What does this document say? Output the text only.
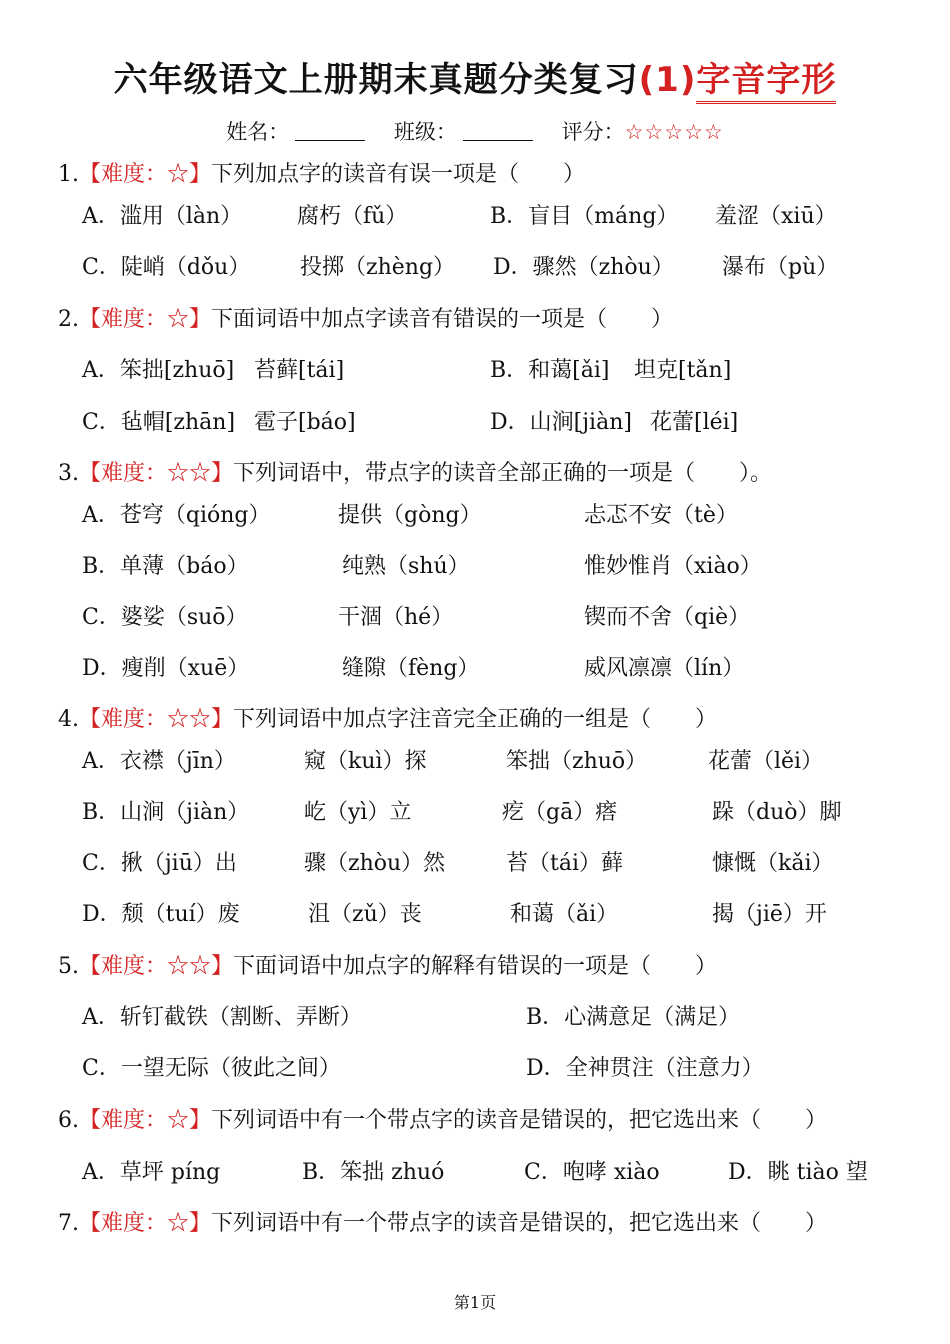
六年级语文上册期末真题分类复习(1)字音字形
姓名：	班级：	评分：☆☆☆☆☆
1.【难度：☆】下列加点字的读音有误一项是（　　）
A．滥用（làn） 腐朽（fǔ）	B．盲目（máng） 羞涩（xiū）
C．陡峭（dǒu） 投掷（zhèng） D．骤然（zhòu） 瀑布（pù）
2.【难度：☆】下面词语中加点字读音有错误的一项是（　　）
A．笨拙[zhuō] 苔藓[tái]	B．和蔼[ǎi] 坦克[tǎn]
C．毡帽[zhān] 雹子[báo]	D．山涧[jiàn] 花蕾[léi]
3.【难度：☆☆】下列词语中，带点字的读音全部正确的一项是（　　）。
A．苍穹（qióng）	提供（gòng）	忐忑不安（tè）
B．单薄（báo）	纯熟（shú）	惟妙惟肖（xiào）
C．婆娑（suō）	干涸（hé）	锲而不舍（qiè）
D．瘦削（xuē）	缝隙（fèng）	威风凛凛（lín）
4.【难度：☆☆】下列词语中加点字注音完全正确的一组是（　　）
A．衣襟（jīn）	窥（kuì）探	笨拙（zhuō）	花蕾（lěi）
B．山涧（jiàn） 屹（yì）立	疙（gā）瘩	跺（duò）脚
C．揪（jiū）出	骤（zhòu）然	苔（tái）藓	慷慨（kǎi）
D．颓（tuí）废	沮（zǔ）丧	和蔼（ǎi）	揭（jiē）开
5.【难度：☆☆】下面词语中加点字的解释有错误的一项是（　　）
A．斩钉截铁（割断、弄断）	B．心满意足（满足）
C．一望无际（彼此之间）	D．全神贯注（注意力）
6.【难度：☆】下列词语中有一个带点字的读音是错误的，把它选出来（　　）
A．草坪 píng	B．笨拙 zhuó	C．咆哮 xiào	D．眺 tiào 望
7.【难度：☆】下列词语中有一个带点字的读音是错误的，把它选出来（　　）
第1页
